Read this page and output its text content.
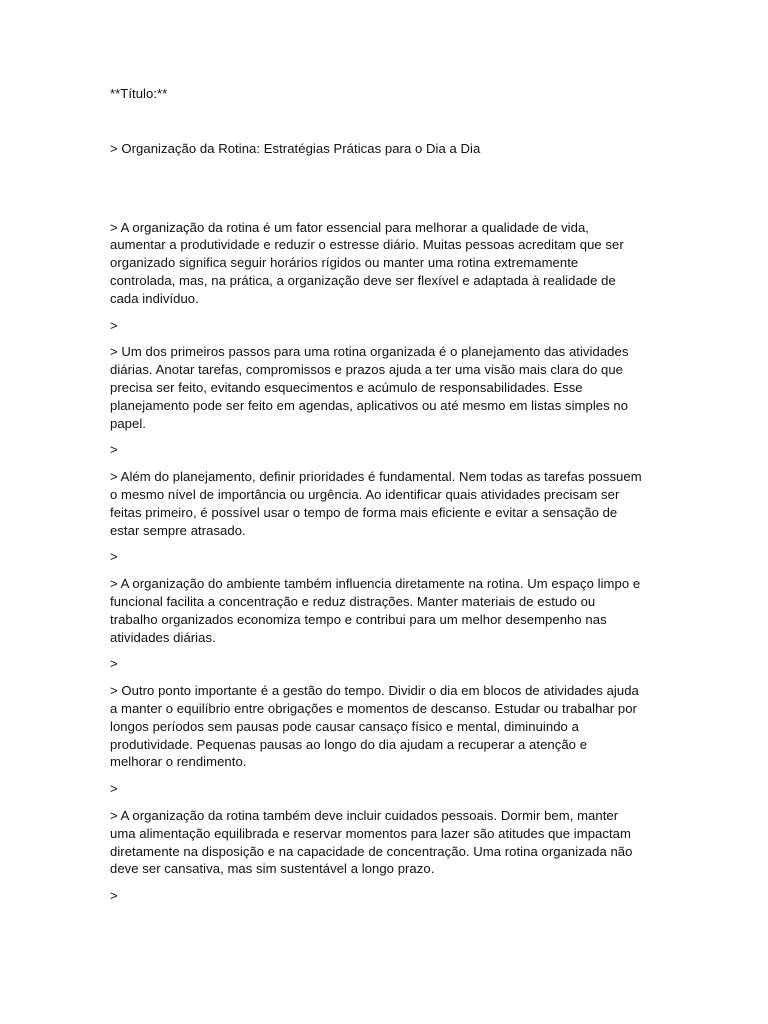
**Título:**

> Organização da Rotina: Estratégias Práticas para o Dia a Dia

> A organização da rotina é um fator essencial para melhorar a qualidade de vida, aumentar a produtividade e reduzir o estresse diário. Muitas pessoas acreditam que ser organizado significa seguir horários rígidos ou manter uma rotina extremamente controlada, mas, na prática, a organização deve ser flexível e adaptada à realidade de cada indivíduo.

>

> Um dos primeiros passos para uma rotina organizada é o planejamento das atividades diárias. Anotar tarefas, compromissos e prazos ajuda a ter uma visão mais clara do que precisa ser feito, evitando esquecimentos e acúmulo de responsabilidades. Esse planejamento pode ser feito em agendas, aplicativos ou até mesmo em listas simples no papel.

>

> Além do planejamento, definir prioridades é fundamental. Nem todas as tarefas possuem o mesmo nível de importância ou urgência. Ao identificar quais atividades precisam ser feitas primeiro, é possível usar o tempo de forma mais eficiente e evitar a sensação de estar sempre atrasado.

>

> A organização do ambiente também influencia diretamente na rotina. Um espaço limpo e funcional facilita a concentração e reduz distrações. Manter materiais de estudo ou trabalho organizados economiza tempo e contribui para um melhor desempenho nas atividades diárias.

>

> Outro ponto importante é a gestão do tempo. Dividir o dia em blocos de atividades ajuda a manter o equilíbrio entre obrigações e momentos de descanso. Estudar ou trabalhar por longos períodos sem pausas pode causar cansaço físico e mental, diminuindo a produtividade. Pequenas pausas ao longo do dia ajudam a recuperar a atenção e melhorar o rendimento.

>

> A organização da rotina também deve incluir cuidados pessoais. Dormir bem, manter uma alimentação equilibrada e reservar momentos para lazer são atitudes que impactam diretamente na disposição e na capacidade de concentração. Uma rotina organizada não deve ser cansativa, mas sim sustentável a longo prazo.

>
